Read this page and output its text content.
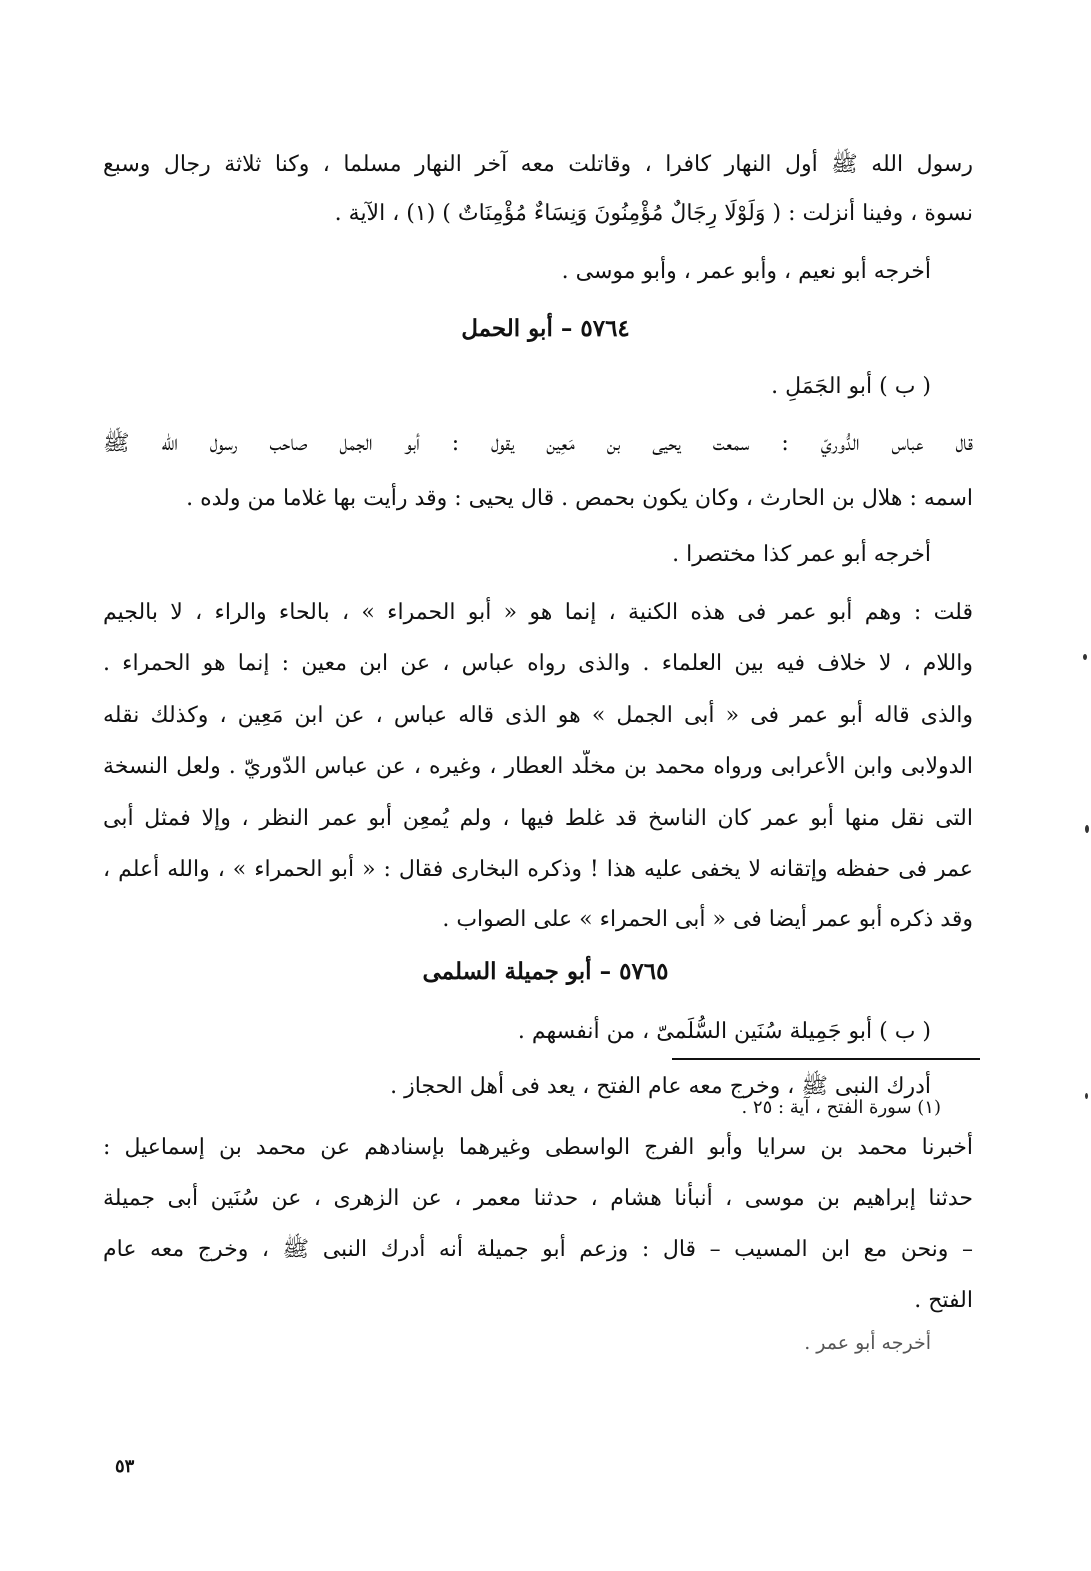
رسول الله ﷺ أول النهار كافرا ، وقاتلت معه آخر النهار مسلما ، وكنا ثلاثة رجال وسبع
نسوة ، وفينا أنزلت : ( وَلَوْلَا رِجَالٌ مُؤْمِنُونَ وَنِسَاءٌ مُؤْمِنَاتٌ ) (١) ، الآية .
أخرجه أبو نعيم ، وأبو عمر ، وأبو موسى .
٥٧٦٤ – أبو الحمل
( ب ) أبو الجَمَلِ .
قال عباس الدُّوريّ : سمعت يحيى بن مَعِين يقول : أبو الجمل صاحب رسول الله ﷺ
اسمه : هلال بن الحارث ، وكان يكون بحمص . قال يحيى : وقد رأيت بها غلاما من ولده .
أخرجه أبو عمر كذا مختصرا .
قلت : وهم أبو عمر فى هذه الكنية ، إنما هو « أبو الحمراء » ، بالحاء والراء ، لا بالجيم
واللام ، لا خلاف فيه بين العلماء . والذى رواه عباس ، عن ابن معين : إنما هو الحمراء .
والذى قاله أبو عمر فى « أبى الجمل » هو الذى قاله عباس ، عن ابن مَعِين ، وكذلك نقله
الدولابى وابن الأعرابى ورواه محمد بن مخلّد العطار ، وغيره ، عن عباس الدّوريّ . ولعل النسخة
التى نقل منها أبو عمر كان الناسخ قد غلط فيها ، ولم يُمعِن أبو عمر النظر ، وإلا فمثل أبى
عمر فى حفظه وإتقانه لا يخفى عليه هذا ! وذكره البخارى فقال : « أبو الحمراء » ، والله أعلم ،
وقد ذكره أبو عمر أيضا فى « أبى الحمراء » على الصواب .
٥٧٦٥ – أبو جميلة السلمى
( ب ) أبو جَمِيلة سُنَين السُّلَمىّ ، من أنفسهم .
أدرك النبى ﷺ ، وخرج معه عام الفتح ، يعد فى أهل الحجاز .
أخبرنا محمد بن سرايا وأبو الفرج الواسطى وغيرهما بإسنادهم عن محمد بن إسماعيل :
حدثنا إبراهيم بن موسى ، أنبأنا هشام ، حدثنا معمر ، عن الزهرى ، عن سُنَين أبى جميلة
– ونحن مع ابن المسيب – قال : وزعم أبو جميلة أنه أدرك النبى ﷺ ، وخرج معه عام
الفتح .
أخرجه أبو عمر .
(١) سورة الفتح ، آية : ٢٥ .
٥٣
